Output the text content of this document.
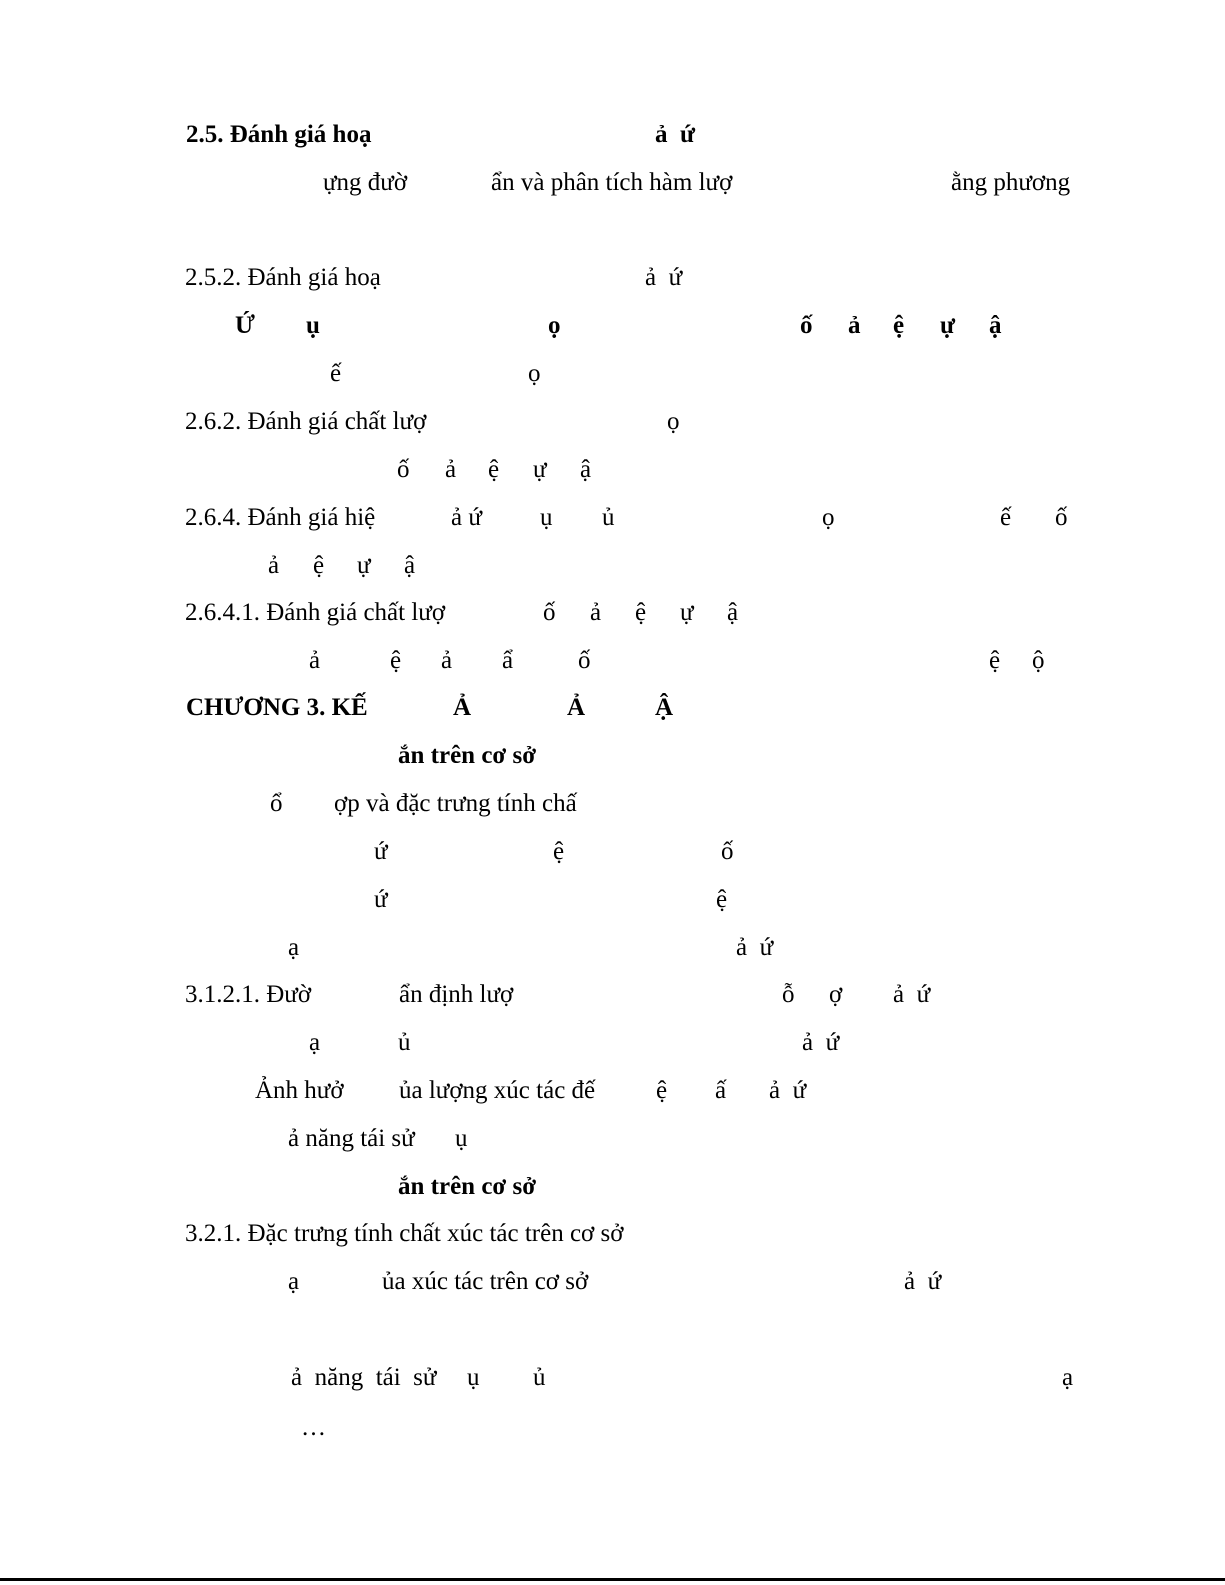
2.5. Đánh giá hoạ

	ả  ứ

ựng đườ

	ẩn và phân tích hàm lượ

	ằng phương

2.5.2. Đánh giá hoạ

	ả  ứ

Ứ

ụ

	ọ

	ố

ả

ệ

ự

ậ

ế

	ọ

2.6.2. Đánh giá chất lượ

	ọ

ố

ả

ệ

ự

ậ

2.6.4. Đánh giá hiệ

	ả ứ

ụ

ủ

	ọ

	ế

ố

ả

ệ

ự

ậ

2.6.4.1. Đánh giá chất lượ

	ố

ả

ệ

ự

ậ

ả

	ệ

ả

ẩ

	ố

	ệ

ộ

CHƯƠNG 3. KẾ

	Ả

	Ả

	Ậ

ắn trên cơ sở

ổ

ợp và đặc trưng tính chấ

ứ

	ệ

	ố

ứ

	ệ

ạ

	ả  ứ

3.1.2.1. Đườ

	ẩn định lượ

	ỗ

ợ

ả  ứ

ạ

	ủ

	ả  ứ

Ảnh hưở

ủa lượng xúc tác đế

ệ

ấ

ả  ứ

ả năng tái sử

ụ

ắn trên cơ sở

3.2.1. Đặc trưng tính chất xúc tác trên cơ sở

ạ

	ủa xúc tác trên cơ sở

	ả  ứ

ả  năng  tái  sử

ụ

ủ

	ạ

…
